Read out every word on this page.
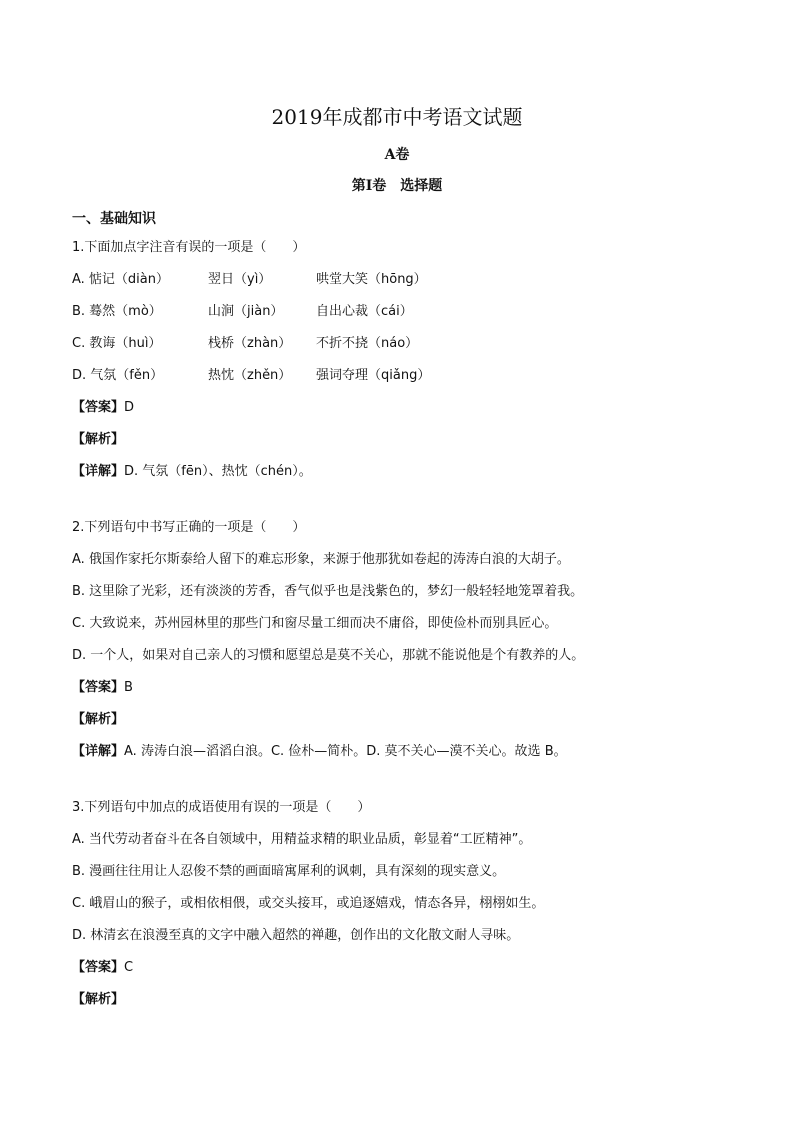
2019年成都市中考语文试题
A卷
第Ⅰ卷　选择题
一、基础知识
1.下面加点字注音有误的一项是（　　）
A. 惦记（diàn）	翌日（yì）	哄堂大笑（hōng）
B. 蓦然（mò）	山涧（jiàn）	自出心裁（cái）
C. 教诲（huì）	栈桥（zhàn）	不折不挠（náo）
D. 气氛（fěn）	热忱（zhěn）	强词夺理（qiǎng）
【答案】D
【解析】
【详解】D. 气氛（fēn）、热忱（chén）。
2.下列语句中书写正确的一项是（　　）
A. 俄国作家托尔斯泰给人留下的难忘形象，来源于他那犹如卷起的涛涛白浪的大胡子。
B. 这里除了光彩，还有淡淡的芳香，香气似乎也是浅紫色的，梦幻一般轻轻地笼罩着我。
C. 大致说来，苏州园林里的那些门和窗尽量工细而决不庸俗，即使俭朴而别具匠心。
D. 一个人，如果对自己亲人的习惯和愿望总是莫不关心，那就不能说他是个有教养的人。
【答案】B
【解析】
【详解】A. 涛涛白浪—滔滔白浪。C. 俭朴—简朴。D. 莫不关心—漠不关心。故选 B。
3.下列语句中加点的成语使用有误的一项是（　　）
A. 当代劳动者奋斗在各自领域中，用精益求精的职业品质，彰显着“工匠精神”。
B. 漫画往往用让人忍俊不禁的画面暗寓犀利的讽刺，具有深刻的现实意义。
C. 峨眉山的猴子，或相依相偎，或交头接耳，或追逐嬉戏，情态各异，栩栩如生。
D. 林清玄在浪漫至真的文字中融入超然的禅趣，创作出的文化散文耐人寻味。
【答案】C
【解析】
